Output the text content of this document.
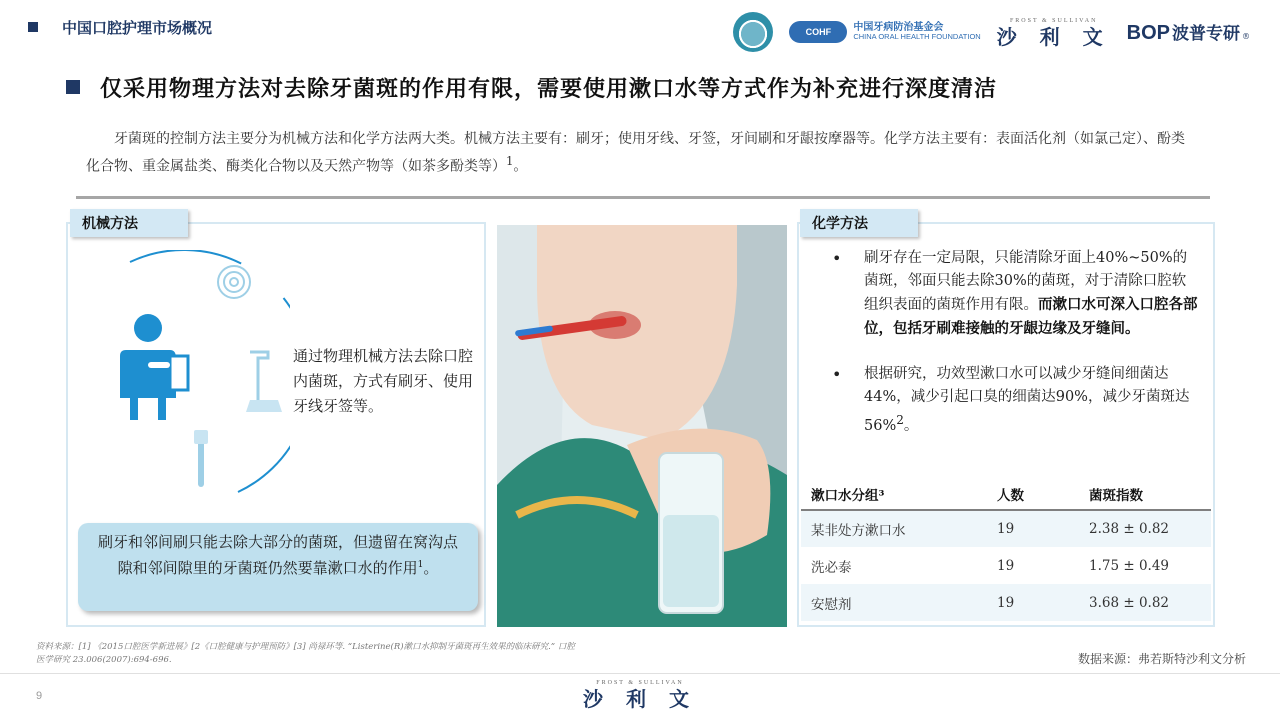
中国口腔护理市场概况	COHF	中国牙病防治基金会
CHINA ORAL HEALTH FOUNDATION
FROST & SULLIVAN
沙 利 文 BOP 波普专研 ®
仅采用物理方法对去除牙菌斑的作用有限，需要使用漱口水等方式作为补充进行深度清洁

牙菌斑的控制方法主要分为机械方法和化学方法两大类。机械方法主要有：刷牙；使用牙线、牙签，牙间刷和牙龈按摩器等。化学方法主要有：表面活化剂（如氯己定）、酚类化合物、重金属盐类、酶类化合物以及天然产物等（如茶多酚类等）$^1$。

机械方法

通过物理机械方法去除口腔内菌斑，方式有刷牙、使用牙线牙签等。

刷牙和邻间刷只能去除大部分的菌斑，但遗留在窝沟点隙和邻间隙里的牙菌斑仍然要靠漱口水的作用$^1$。
化学方法
• 刷牙存在一定局限，只能清除牙面上40%~50%的菌斑，邻面只能去除30%的菌斑，对于清除口腔软组织表面的菌斑作用有限。而漱口水可深入口腔各部位，包括牙刷难接触的牙龈边缘及牙缝间。
• 根据研究，功效型漱口水可以减少牙缝间细菌达44%，减少引起口臭的细菌达90%，减少牙菌斑达56%$^2$。
漱口水分组³	人数	菌斑指数
某非处方漱口水	19	2.38 ± 0.82
洗必泰	19	1.75 ± 0.49
安慰剂	19	3.68 ± 0.82

资料来源：[1] 《2015口腔医学新进展》[2《口腔健康与护理预防》[3] 尚禄环等. “Listerine(R)漱口水抑制牙菌斑再生效果的临床研究.” 口腔医学研究 23.006(2007):694-696.	数据来源：弗若斯特沙利文分析

9
FROST & SULLIVAN
沙 利 文
